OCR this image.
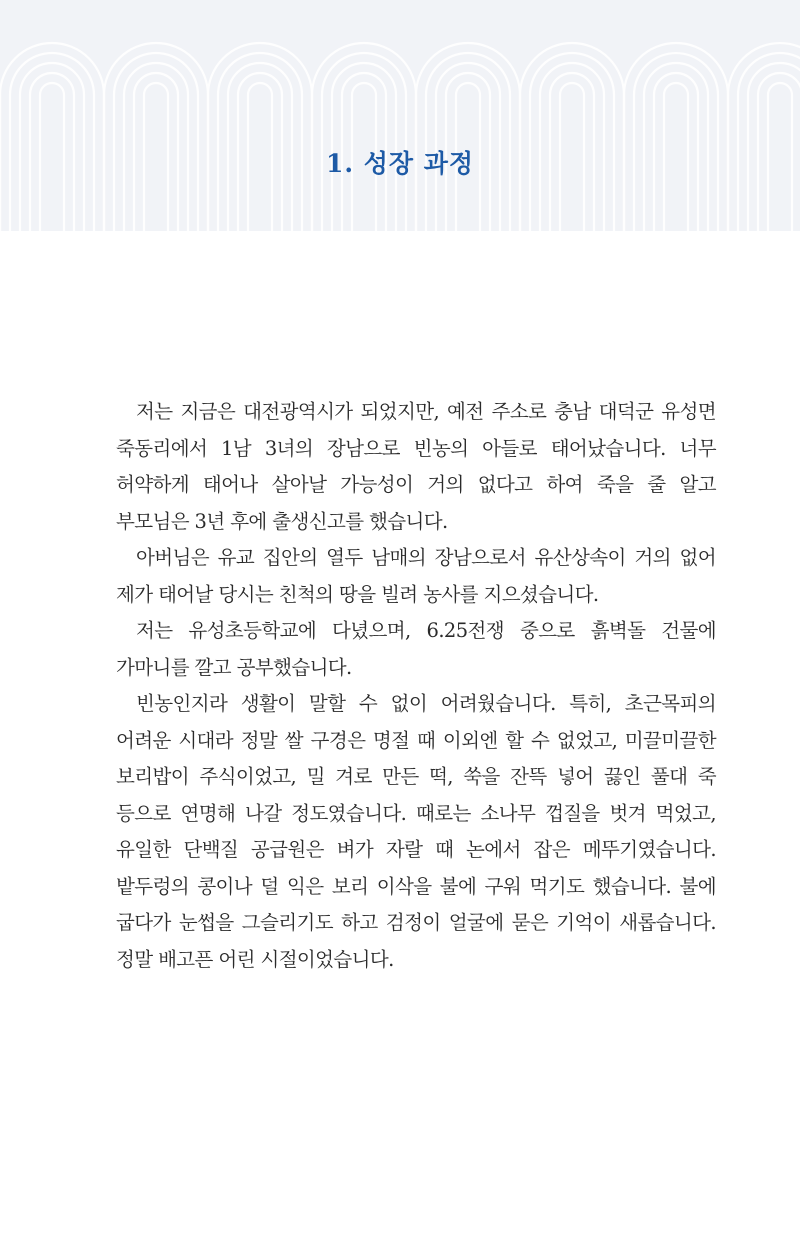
1. 성장 과정

저는 지금은 대전광역시가 되었지만, 예전 주소로 충남 대덕군 유성면 죽동리에서 1남 3녀의 장남으로 빈농의 아들로 태어났습니다. 너무 허약하게 태어나 살아날 가능성이 거의 없다고 하여 죽을 줄 알고 부모님은 3년 후에 출생신고를 했습니다.

아버님은 유교 집안의 열두 남매의 장남으로서 유산상속이 거의 없어 제가 태어날 당시는 친척의 땅을 빌려 농사를 지으셨습니다.

저는 유성초등학교에 다녔으며, 6.25전쟁 중으로 흙벽돌 건물에 가마니를 깔고 공부했습니다.

빈농인지라 생활이 말할 수 없이 어려웠습니다. 특히, 초근목피의 어려운 시대라 정말 쌀 구경은 명절 때 이외엔 할 수 없었고, 미끌미끌한 보리밥이 주식이었고, 밀 겨로 만든 떡, 쑥을 잔뜩 넣어 끓인 풀대 죽 등으로 연명해 나갈 정도였습니다. 때로는 소나무 껍질을 벗겨 먹었고, 유일한 단백질 공급원은 벼가 자랄 때 논에서 잡은 메뚜기였습니다. 밭두렁의 콩이나 덜 익은 보리 이삭을 불에 구워 먹기도 했습니다. 불에 굽다가 눈썹을 그슬리기도 하고 검정이 얼굴에 묻은 기억이 새롭습니다. 정말 배고픈 어린 시절이었습니다.
